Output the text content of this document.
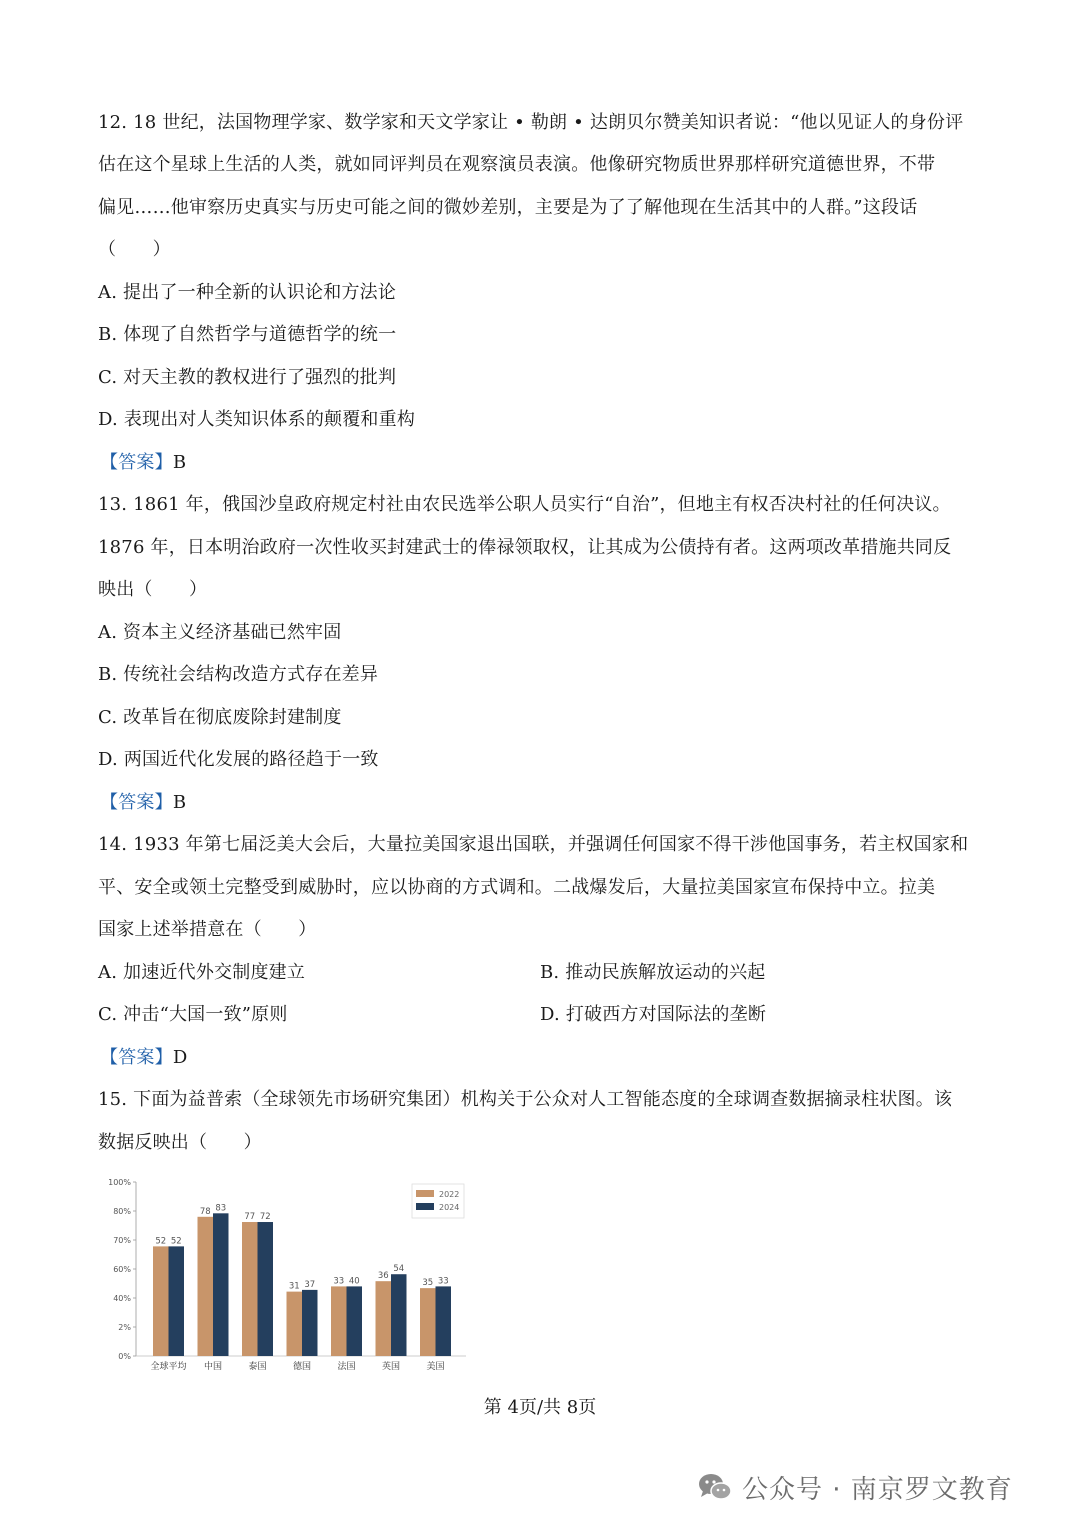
12. 18 世纪，法国物理学家、数学家和天文学家让 • 勒朗 • 达朗贝尔赞美知识者说：“他以见证人的身份评
估在这个星球上生活的人类，就如同评判员在观察演员表演。他像研究物质世界那样研究道德世界，不带
偏见……他审察历史真实与历史可能之间的微妙差别，主要是为了了解他现在生活其中的人群。”这段话
（　　）
A. 提出了一种全新的认识论和方法论
B. 体现了自然哲学与道德哲学的统一
C. 对天主教的教权进行了强烈的批判
D. 表现出对人类知识体系的颠覆和重构
【答案】B
13. 1861 年，俄国沙皇政府规定村社由农民选举公职人员实行“自治”，但地主有权否决村社的任何决议。
1876 年，日本明治政府一次性收买封建武士的俸禄领取权，让其成为公债持有者。这两项改革措施共同反
映出（　　）
A. 资本主义经济基础已然牢固
B. 传统社会结构改造方式存在差异
C. 改革旨在彻底废除封建制度
D. 两国近代化发展的路径趋于一致
【答案】B
14. 1933 年第七届泛美大会后，大量拉美国家退出国联，并强调任何国家不得干涉他国事务，若主权国家和
平、安全或领土完整受到威胁时，应以协商的方式调和。二战爆发后，大量拉美国家宣布保持中立。拉美
国家上述举措意在（　　）
A. 加速近代外交制度建立	B. 推动民族解放运动的兴起
C. 冲击“大国一致”原则	D. 打破西方对国际法的垄断
【答案】D
15. 下面为益普索（全球领先市场研究集团）机构关于公众对人工智能态度的全球调查数据摘录柱状图。该
数据反映出（　　）
0%
2%
40%
60%
70%
80%
100%
52 52
全球平均
78 83
中国
77 72
泰国
31 37
德国
33 40
法国
36
54
英国
35 33
美国
2022
2024
第 4页/共 8页
公众号 · 南京罗文教育
